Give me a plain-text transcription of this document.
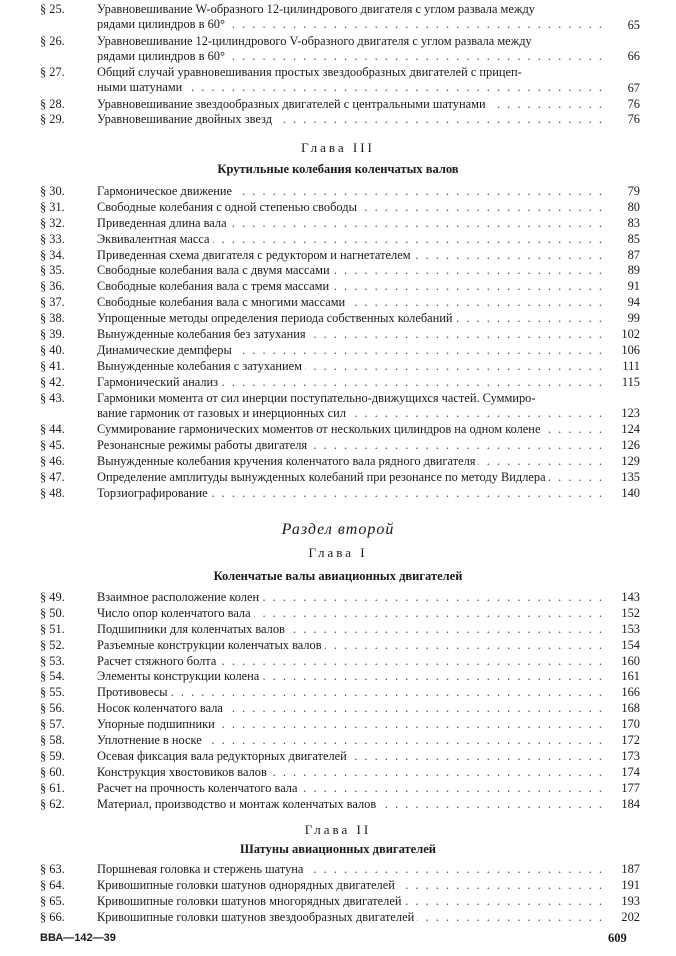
§ 25.	Уравновешивание W-образного 12-цилиндрового двигателя с углом развала между
. . . рядами цилиндров в 60°	65
§ 26.	Уравновешивание 12-цилиндрового V-образного двигателя с углом развала между
. . . рядами цилиндров в 60°	66
§ 27.	Общий случай уравновешивания простых звездообразных двигателей с прицеп-
. . . ными шатунами	67
§ 28.	. . . Уравновешивание звездообразных двигателей с центральными шатунами	76
§ 29.	. . . Уравновешивание двойных звезд	76
Глава III
Крутильные колебания коленчатых валов
§ 30.	. . . Гармоническое движение	79
§ 31.	. . . Свободные колебания с одной степенью свободы	80
§ 32.	. . . Приведенная длина вала	83
§ 33.	. . . Эквивалентная масса	85
§ 34.	. . . Приведенная схема двигателя с редуктором и нагнетателем	87
§ 35.	. . . Свободные колебания вала с двумя массами	89
§ 36.	. . . Свободные колебания вала с тремя массами	91
§ 37.	. . . Свободные колебания вала с многими массами	94
§ 38.	. . . Упрощенные методы определения периода собственных колебаний	99
§ 39.	. . . Вынужденные колебания без затухания	102
§ 40.	. . . Динамические демпферы	106
§ 41.	. . . Вынужденные колебания с затуханием	111
§ 42.	. . . Гармонический анализ	115
§ 43.	Гармоники момента от сил инерции поступательно-движущихся частей. Суммиро-
. . . вание гармоник от газовых и инерционных сил	123
§ 44.	. . . Суммирование гармонических моментов от нескольких цилиндров на одном колене	124
§ 45.	. . . Резонансные режимы работы двигателя	126
§ 46.	. . . Вынужденные колебания кручения коленчатого вала рядного двигателя	129
§ 47.	. . . Определение амплитуды вынужденных колебаний при резонансе по методу Видлера	135
§ 48.	. . . Торзиографирование	140
Раздел второй
Глава I
Коленчатые валы авиационных двигателей
§ 49.	. . . Взаимное расположение колен	143
§ 50.	. . . Число опор коленчатого вала	152
§ 51.	. . . Подшипники для коленчатых валов	153
§ 52.	. . . Разъемные конструкции коленчатых валов	154
§ 53.	. . . Расчет стяжного болта	160
§ 54.	. . . Элементы конструкции колена	161
§ 55.	. . . Противовесы	166
§ 56.	. . . Носок коленчатого вала	168
§ 57.	. . . Упорные подшипники	170
§ 58.	. . . Уплотнение в носке	172
§ 59.	. . . Осевая фиксация вала редукторных двигателей	173
§ 60.	. . . Конструкция хвостовиков валов	174
§ 61.	. . . Расчет на прочность коленчатого вала	177
§ 62.	. . . Материал, производство и монтаж коленчатых валов	184
Глава II
Шатуны авиационных двигателей
§ 63.	. . . Поршневая головка и стержень шатуна	187
§ 64.	. . . Кривошипные головки шатунов однорядных двигателей	191
§ 65.	. . . Кривошипные головки шатунов многорядных двигателей	193
§ 66.	. . . Кривошипные головки шатунов звездообразных двигателей	202
ВВА—142—39	609
